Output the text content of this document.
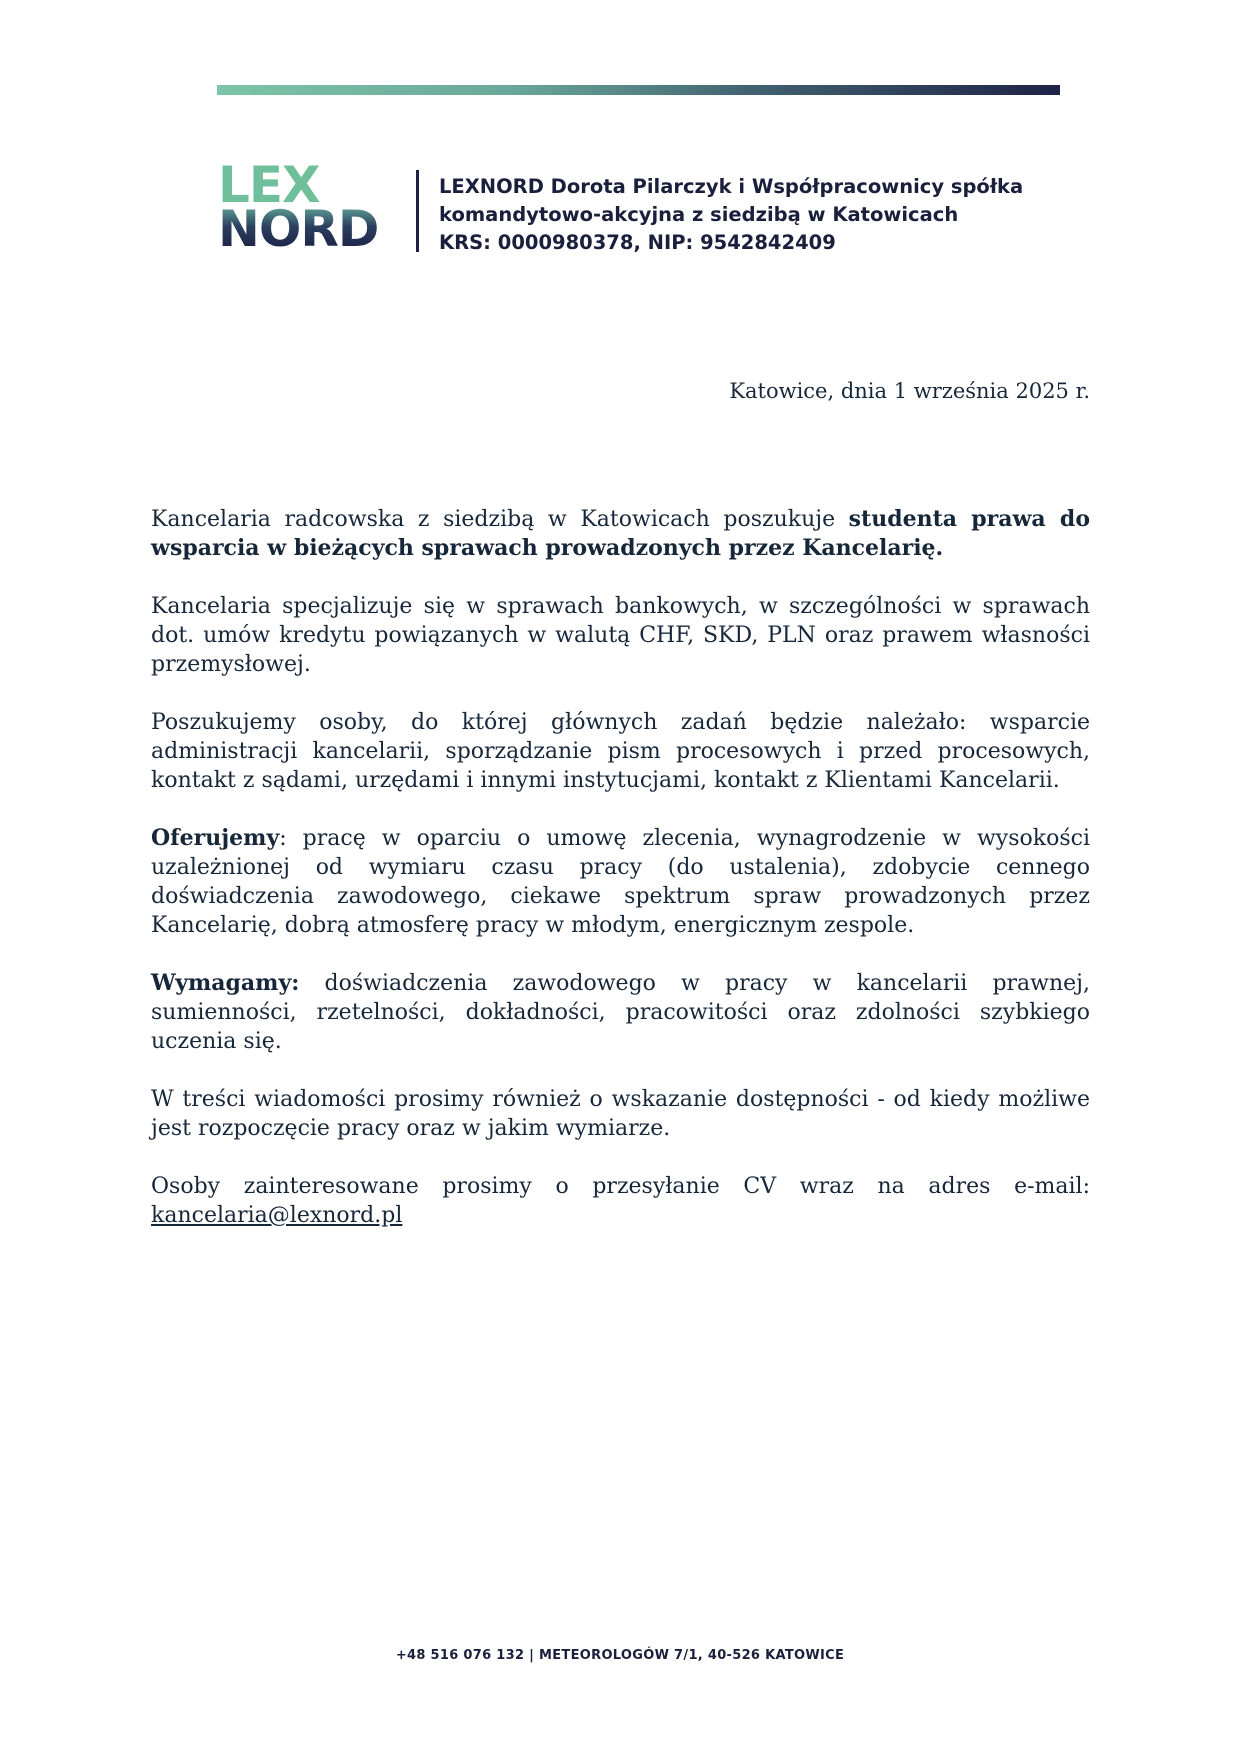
LEX
NORD
LEXNORD Dorota Pilarczyk i Współpracownicy spółka
komandytowo-akcyjna z siedzibą w Katowicach
KRS: 0000980378, NIP: 9542842409
Katowice, dnia 1 września 2025 r.

Kancelaria radcowska z siedzibą w Katowicach poszukuje studenta prawa do wsparcia w bieżących sprawach prowadzonych przez Kancelarię.

Kancelaria specjalizuje się w sprawach bankowych, w szczególności w sprawach dot. umów kredytu powiązanych w walutą CHF, SKD, PLN oraz prawem własności przemysłowej.

Poszukujemy osoby, do której głównych zadań będzie należało: wsparcie administracji kancelarii, sporządzanie pism procesowych i przed procesowych, kontakt z sądami, urzędami i innymi instytucjami, kontakt z Klientami Kancelarii.

Oferujemy: pracę w oparciu o umowę zlecenia, wynagrodzenie w wysokości uzależnionej od wymiaru czasu pracy (do ustalenia), zdobycie cennego doświadczenia zawodowego, ciekawe spektrum spraw prowadzonych przez Kancelarię, dobrą atmosferę pracy w młodym, energicznym zespole.

Wymagamy: doświadczenia zawodowego w pracy w kancelarii prawnej, sumienności, rzetelności, dokładności, pracowitości oraz zdolności szybkiego uczenia się.

W treści wiadomości prosimy również o wskazanie dostępności - od kiedy możliwe jest rozpoczęcie pracy oraz w jakim wymiarze.

Osoby zainteresowane prosimy o przesyłanie CV wraz na adres e-mail: kancelaria@lexnord.pl

+48 516 076 132 | METEOROLOGÓW 7/1, 40-526 KATOWICE
